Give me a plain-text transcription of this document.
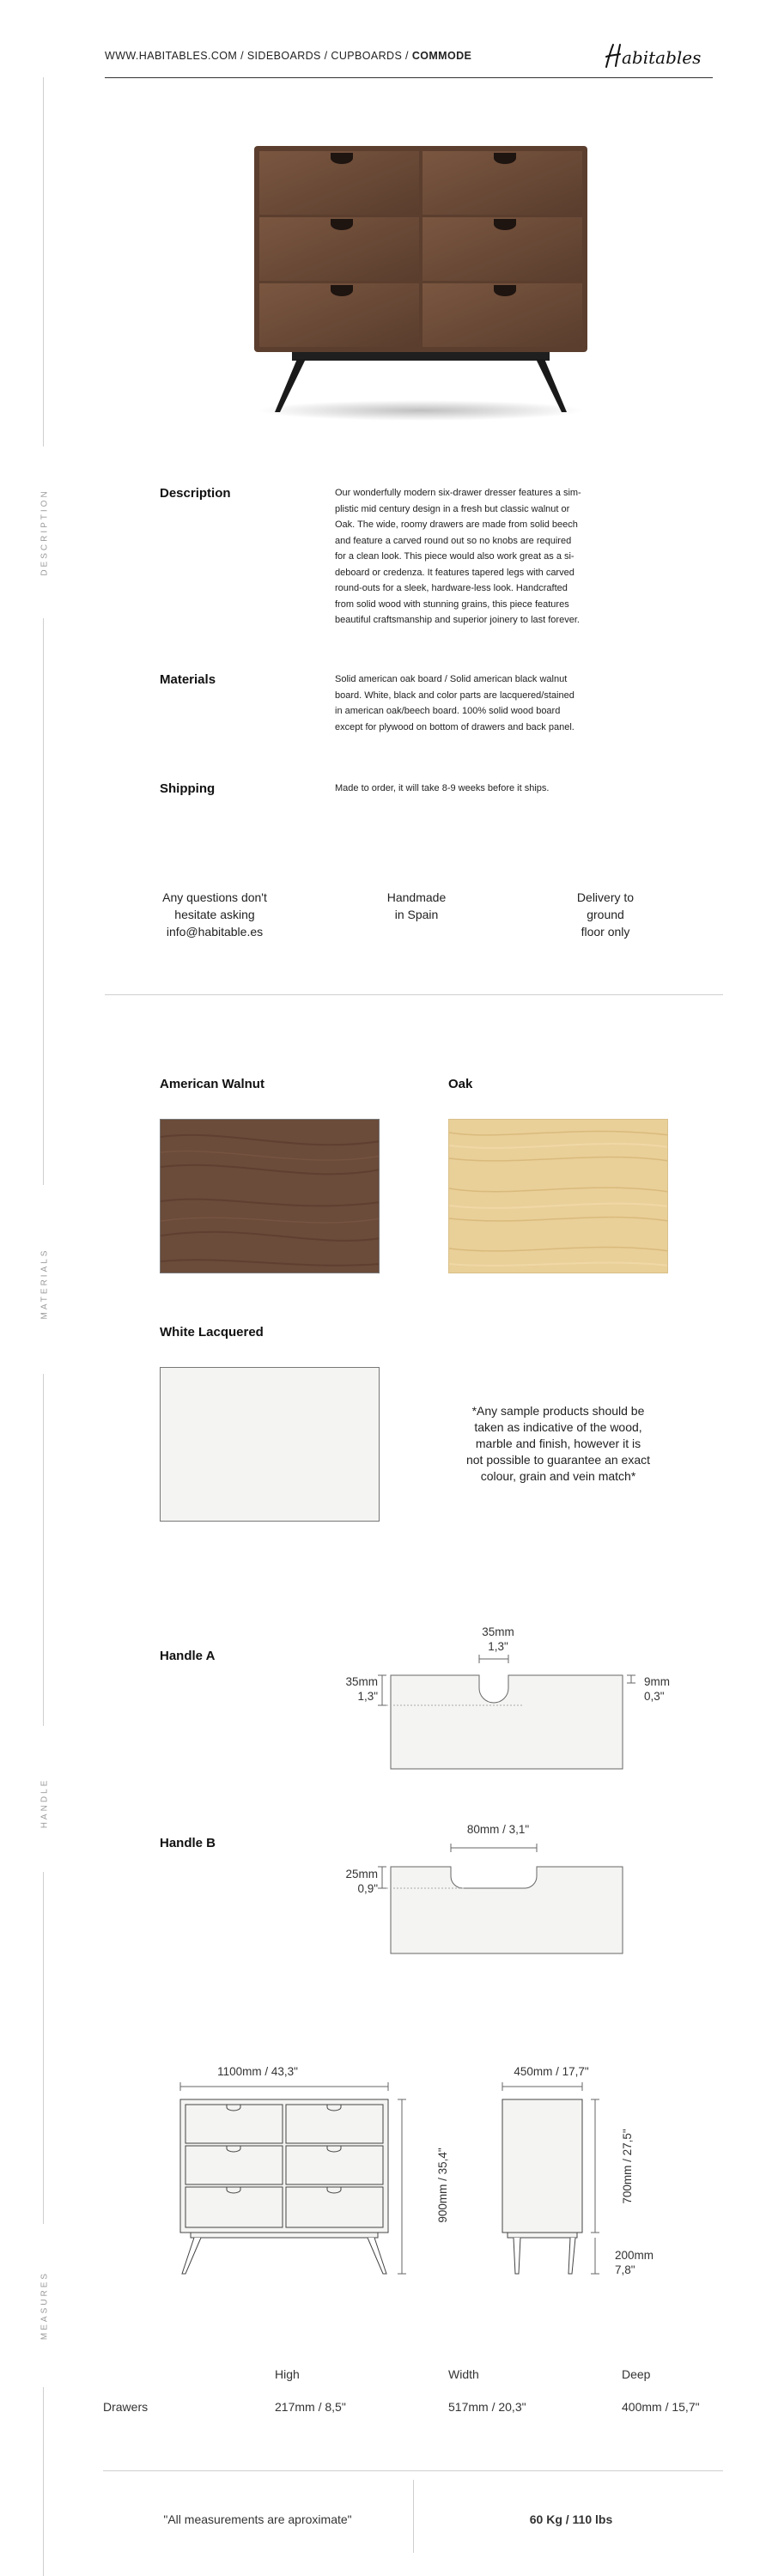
WWW.HABITABLES.COM / SIDEBOARDS / CUPBOARDS / COMMODE	abitables
DESCRIPTION
MATERIALS
HANDLE
MEASURES
Description	Our wonderfully modern six-drawer dresser features a sim-
plistic mid century design in a fresh but classic walnut or
Oak. The wide, roomy drawers are made from solid beech
and feature a carved round out so no knobs are required
for a clean look. This piece would also work great as a si-
deboard or credenza. It features tapered legs with carved
round-outs for a sleek, hardware-less look. Handcrafted
from solid wood with stunning grains, this piece features
beautiful craftsmanship and superior joinery to last forever.
Materials	Solid american oak board / Solid american black walnut
board. White, black and color parts are lacquered/stained
in american oak/beech board. 100% solid wood board
except for plywood on bottom of drawers and back panel.
Shipping	Made to order, it will take 8-9 weeks before it ships.
Any questions don't
hesitate asking
info@habitable.es
Handmade
in Spain
Delivery to
ground
floor only
American Walnut	Oak
White Lacquered
*Any sample products should be
taken as indicative of the wood,
marble and finish, however it is
not possible to guarantee an exact
colour, grain and vein match*
Handle A
35mm
1,3"
35mm
1,3"
9mm
0,3"
Handle B
80mm / 3,1"
25mm
0,9"
1100mm / 43,3"	450mm / 17,7"
900mm / 35,4"	700mm / 27,5"
200mm
7,8"
High	Width	Deep
Drawers	217mm / 8,5"	517mm / 20,3"	400mm / 15,7"
"All measurements are aproximate"	60 Kg / 110 lbs
